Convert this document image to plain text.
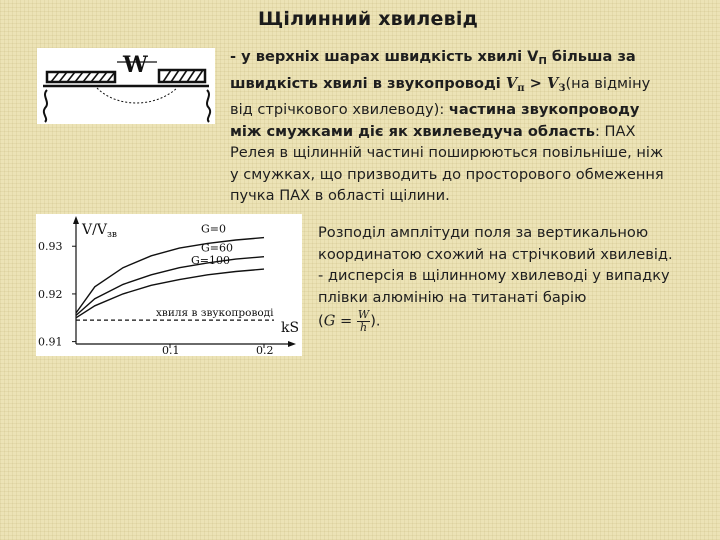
Щілинний хвилевід
W	- у верхніх шарах швидкість хвилі $V_П$ більша за швидкість хвилі в звукопроводі $V_п > V_З(на$ відміну від стрічкового хвилеводу): частина звукопроводу між смужками діє як хвилеведуча область: ПАХ Релея в щілинній частині поширюються повільніше, ніж у смужках, що призводить до просторового обмеження пучка ПАХ в області щілини.
$V/V_{зв}$
kS
0.93
0.92
0.91
0.1	0.2
хвиля в звукопроводі
G=0
G=60
G=100
Розподіл амплітуди поля за вертикальною координатою схожий на стрічковий хвилевід.
- дисперсія в щілинному хвилеводі у випадку плівки алюмінію на титанаті барію
($G = \frac{W}{h}$ ).
